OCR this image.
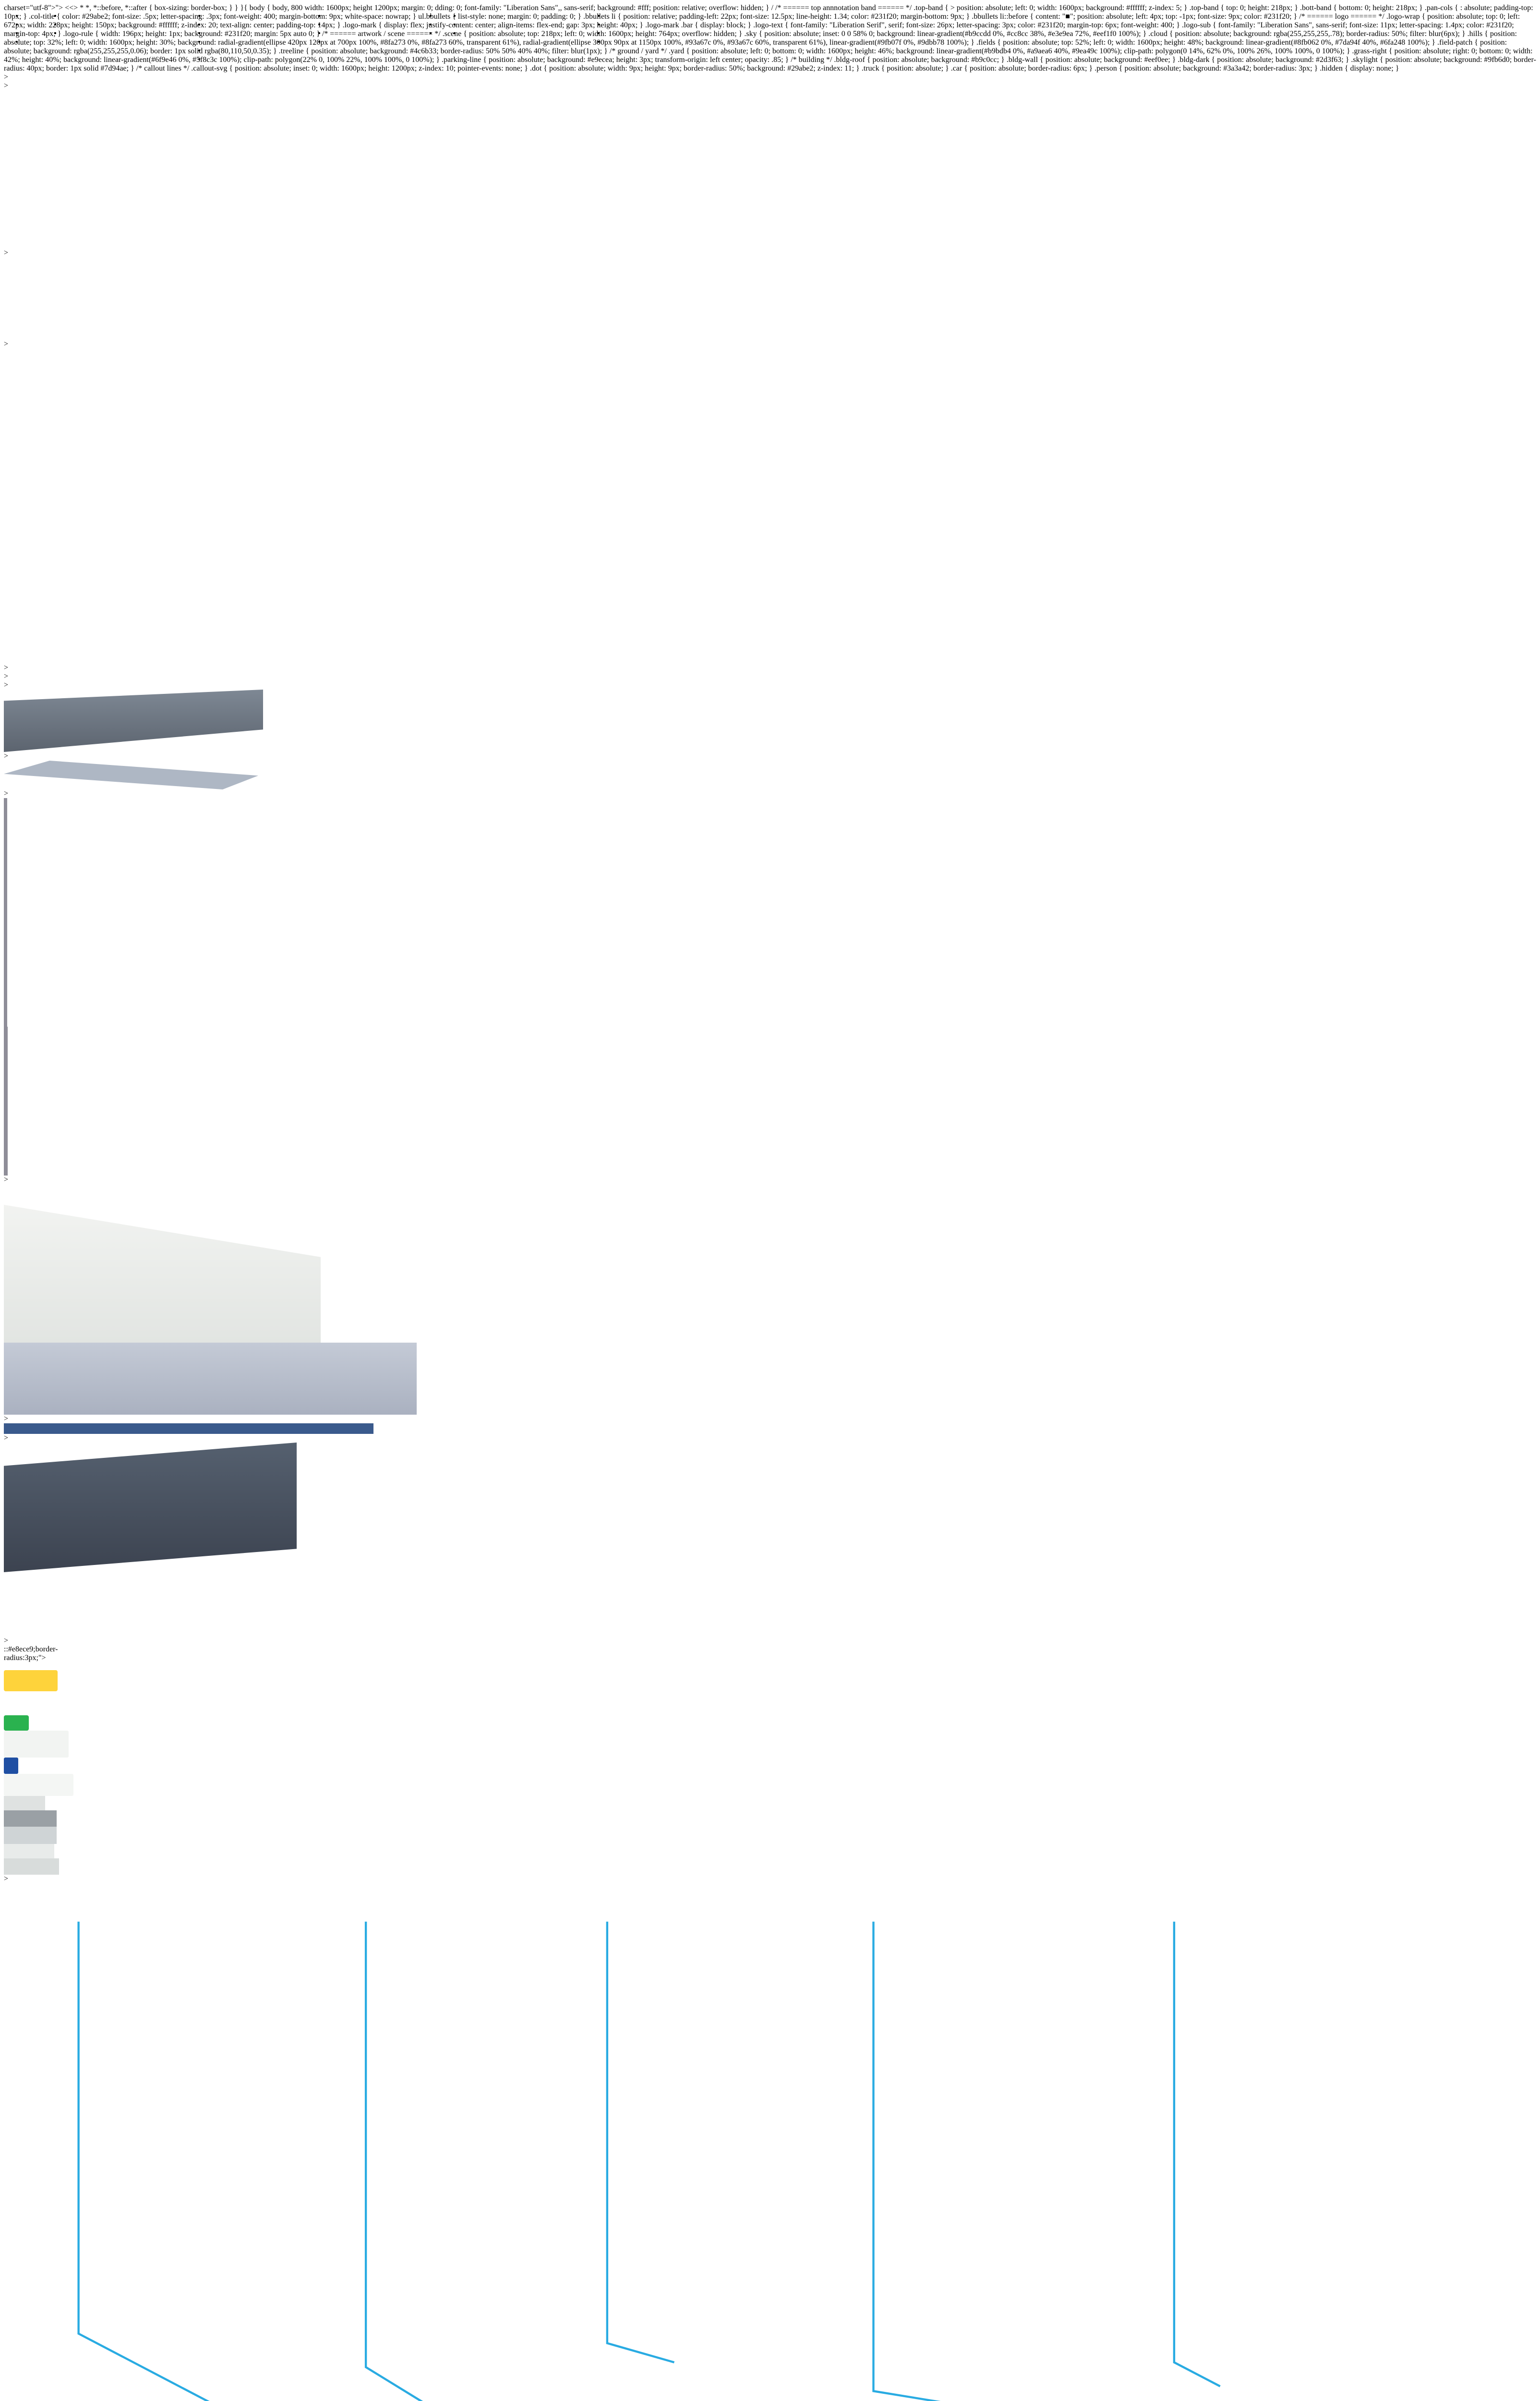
charset="utf-8">"> <<> * *, *::before, *::after { box-sizing: border-box; } } }{ body { body, 800 width: 1600px; height 1200px; margin: 0; dding: 0; font-family: "Liberation Sans",, sans-serif; background: #fff; position: relative; overflow: hidden; } / /* ====== top annnotation band ====== */ .top-band { > position: absolute; left: 0; width: 1600px; background: #ffffff; z-index: 5; } .top-band { top: 0; height: 218px; } .bott-band { bottom: 0; height: 218px; } .pan-cols { : absolute; padding-top: 10px; } .col-title { color: #29abe2; font-size: .5px; letter-spacing: .3px; font-weight: 400; margin-bottom: 9px; white-space: nowrap; } ul.bbullets { list-style: none; margin: 0; padding: 0; } .bbullets li { position: relative; padding-left: 22px; font-size: 12.5px; line-height: 1.34; color: #231f20; margin-bottom: 9px; } .bbullets li::before { content: "■"; position: absolute; left: 4px; top: -1px; font-size: 9px; color: #231f20; } /* ====== logo ====== */ .logo-wrap { position: absolute; top: 0; left: 672px; width: 228px; height: 150px; background: #ffffff; z-index: 20; text-align: center; padding-top: 14px; } .logo-mark { display: flex; justify-content: center; align-items: flex-end; gap: 3px; height: 40px; } .logo-mark .bar { display: block; } .logo-text { font-family: "Liberation Serif", serif; font-size: 26px; letter-spacing: 3px; color: #231f20; margin-top: 6px; font-weight: 400; } .logo-sub { font-family: "Liberation Sans", sans-serif; font-size: 11px; letter-spacing: 1.4px; color: #231f20; margin-top: 4px; } .logo-rule { width: 196px; height: 1px; background: #231f20; margin: 5px auto 0; } /* ====== artwork / scene ====== */ .scene { position: absolute; top: 218px; left: 0; width: 1600px; height: 764px; overflow: hidden; } .sky { position: absolute; inset: 0 0 58% 0; background: linear-gradient(#b9ccdd 0%, #cc8cc 38%, #e3e9ea 72%, #eef1f0 100%); } .cloud { position: absolute; background: rgba(255,255,255,.78); border-radius: 50%; filter: blur(6px); } .hills { position: absolute; top: 32%; left: 0; width: 1600px; height: 30%; background: radial-gradient(ellipse 420px 120px at 700px 100%, #8fa273 0%, #8fa273 60%, transparent 61%), radial-gradient(ellipse 300px 90px at 1150px 100%, #93a67c 0%, #93a67c 60%, transparent 61%), linear-gradient(#9fb07f 0%, #9dbb78 100%); } .fields { position: absolute; top: 52%; left: 0; width: 1600px; height: 48%; background: linear-gradient(#8fb062 0%, #7da94f 40%, #6fa248 100%); } .field-patch { position: absolute; background: rgba(255,255,255,0.06); border: 1px solid rgba(80,110,50,0.35); } .treeline { position: absolute; background: #4c6b33; border-radius: 50% 50% 40% 40%; filter: blur(1px); } /* ground / yard */ .yard { position: absolute; left: 0; bottom: 0; width: 1600px; height: 46%; background: linear-gradient(#b9bdb4 0%, #a9aea6 40%, #9ea49c 100%); clip-path: polygon(0 14%, 62% 0%, 100% 26%, 100% 100%, 0 100%); } .grass-right { position: absolute; right: 0; bottom: 0; width: 42%; height: 40%; background: linear-gradient(#6f9e46 0%, #5f8c3c 100%); clip-path: polygon(22% 0, 100% 22%, 100% 100%, 0 100%); } .parking-line { position: absolute; background: #e9ecea; height: 3px; transform-origin: left center; opacity: .85; } /* building */ .bldg-roof { position: absolute; background: #b9c0cc; } .bldg-wall { position: absolute; background: #eef0ee; } .bldg-dark { position: absolute; background: #2d3f63; } .skylight { position: absolute; background: #9fb6d0; border-radius: 40px; border: 1px solid #7d94ae; } /* callout lines */ .callout-svg { position: absolute; inset: 0; width: 1600px; height: 1200px; z-index: 10; pointer-events: none; } .dot { position: absolute; width: 9px; height: 9px; border-radius: 50%; background: #29abe2; z-index: 11; } .truck { position: absolute; } .car { position: absolute; border-radius: 6px; } .person { position: absolute; background: #3a3a42; border-radius: 3px; } .hidden { display: none; }
•
•
•
•
•
•
•
•
•
•
•
•
•
•
•
•
•
>
>
>
>
>
>
>
>
>
>
>
>
>
::#e8ece9;border-radius:3px;">
•
•
•
•
•
•
•
•
•
•
•
•
•
•
•
•
>
